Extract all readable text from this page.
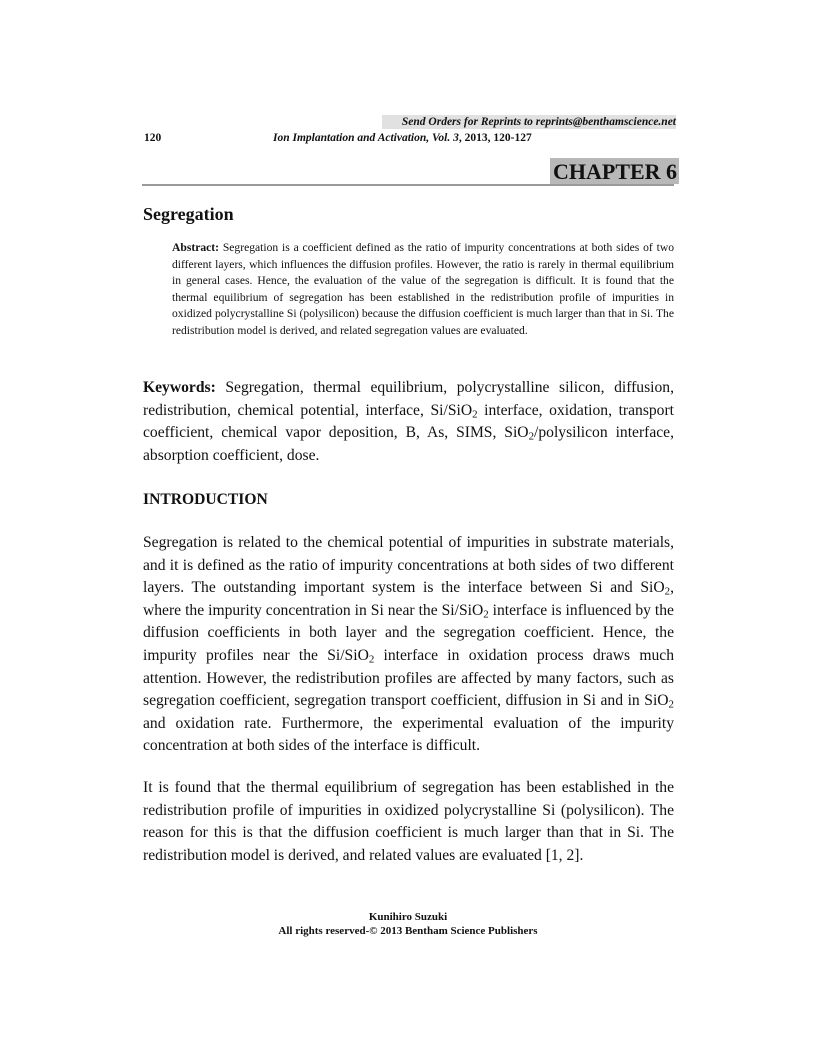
Send Orders for Reprints to reprints@benthamscience.net
120	Ion Implantation and Activation, Vol. 3, 2013, 120-127
CHAPTER 6
Segregation
Abstract: Segregation is a coefficient defined as the ratio of impurity concentrations at both sides of two different layers, which influences the diffusion profiles. However, the ratio is rarely in thermal equilibrium in general cases. Hence, the evaluation of the value of the segregation is difficult. It is found that the thermal equilibrium of segregation has been established in the redistribution profile of impurities in oxidized polycrystalline Si (polysilicon) because the diffusion coefficient is much larger than that in Si. The redistribution model is derived, and related segregation values are evaluated.
Keywords: Segregation, thermal equilibrium, polycrystalline silicon, diffusion, redistribution, chemical potential, interface, Si/SiO$_2$ interface, oxidation, transport coefficient, chemical vapor deposition, B, As, SIMS, SiO$_2$/polysilicon interface, absorption coefficient, dose.
INTRODUCTION
Segregation is related to the chemical potential of impurities in substrate materials, and it is defined as the ratio of impurity concentrations at both sides of two different layers. The outstanding important system is the interface between Si and SiO$_2$, where the impurity concentration in Si near the Si/SiO$_2$ interface is influenced by the diffusion coefficients in both layer and the segregation coefficient. Hence, the impurity profiles near the Si/SiO$_2$ interface in oxidation process draws much attention. However, the redistribution profiles are affected by many factors, such as segregation coefficient, segregation transport coefficient, diffusion in Si and in SiO$_2$ and oxidation rate. Furthermore, the experimental evaluation of the impurity concentration at both sides of the interface is difficult.
It is found that the thermal equilibrium of segregation has been established in the redistribution profile of impurities in oxidized polycrystalline Si (polysilicon). The reason for this is that the diffusion coefficient is much larger than that in Si. The redistribution model is derived, and related values are evaluated [1, 2].
Kunihiro Suzuki
All rights reserved-© 2013 Bentham Science Publishers
